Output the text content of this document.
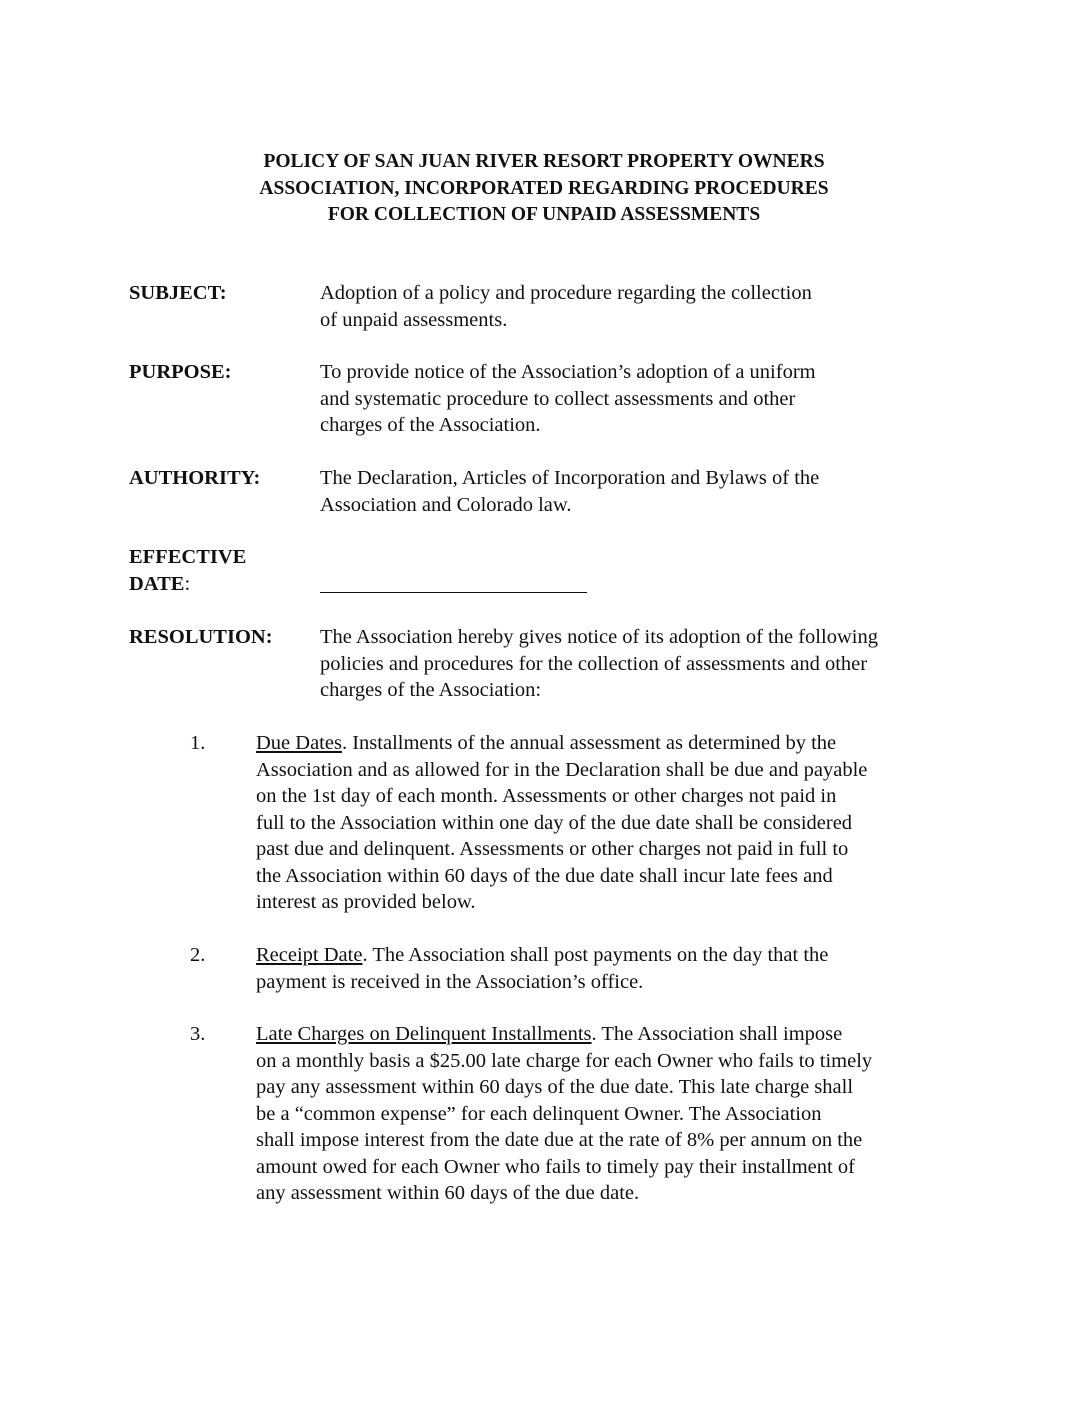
POLICY OF SAN JUAN RIVER RESORT PROPERTY OWNERS
ASSOCIATION, INCORPORATED REGARDING PROCEDURES
FOR COLLECTION OF UNPAID ASSESSMENTS
SUBJECT:	Adoption of a policy and procedure regarding the collection
of unpaid assessments.
PURPOSE:	To provide notice of the Association’s adoption of a uniform
and systematic procedure to collect assessments and other
charges of the Association.
AUTHORITY:	The Declaration, Articles of Incorporation and Bylaws of the
Association and Colorado law.
EFFECTIVE
DATE:
RESOLUTION: The Association hereby gives notice of its adoption of the following
policies and procedures for the collection of assessments and other
charges of the Association:
1. Due Dates. Installments of the annual assessment as determined by the
Association and as allowed for in the Declaration shall be due and payable
on the 1st day of each month. Assessments or other charges not paid in
full to the Association within one day of the due date shall be considered
past due and delinquent. Assessments or other charges not paid in full to
the Association within 60 days of the due date shall incur late fees and
interest as provided below.
2. Receipt Date. The Association shall post payments on the day that the
payment is received in the Association’s office.
3. Late Charges on Delinquent Installments. The Association shall impose
on a monthly basis a $25.00 late charge for each Owner who fails to timely
pay any assessment within 60 days of the due date. This late charge shall
be a “common expense” for each delinquent Owner. The Association
shall impose interest from the date due at the rate of 8% per annum on the
amount owed for each Owner who fails to timely pay their installment of
any assessment within 60 days of the due date.
